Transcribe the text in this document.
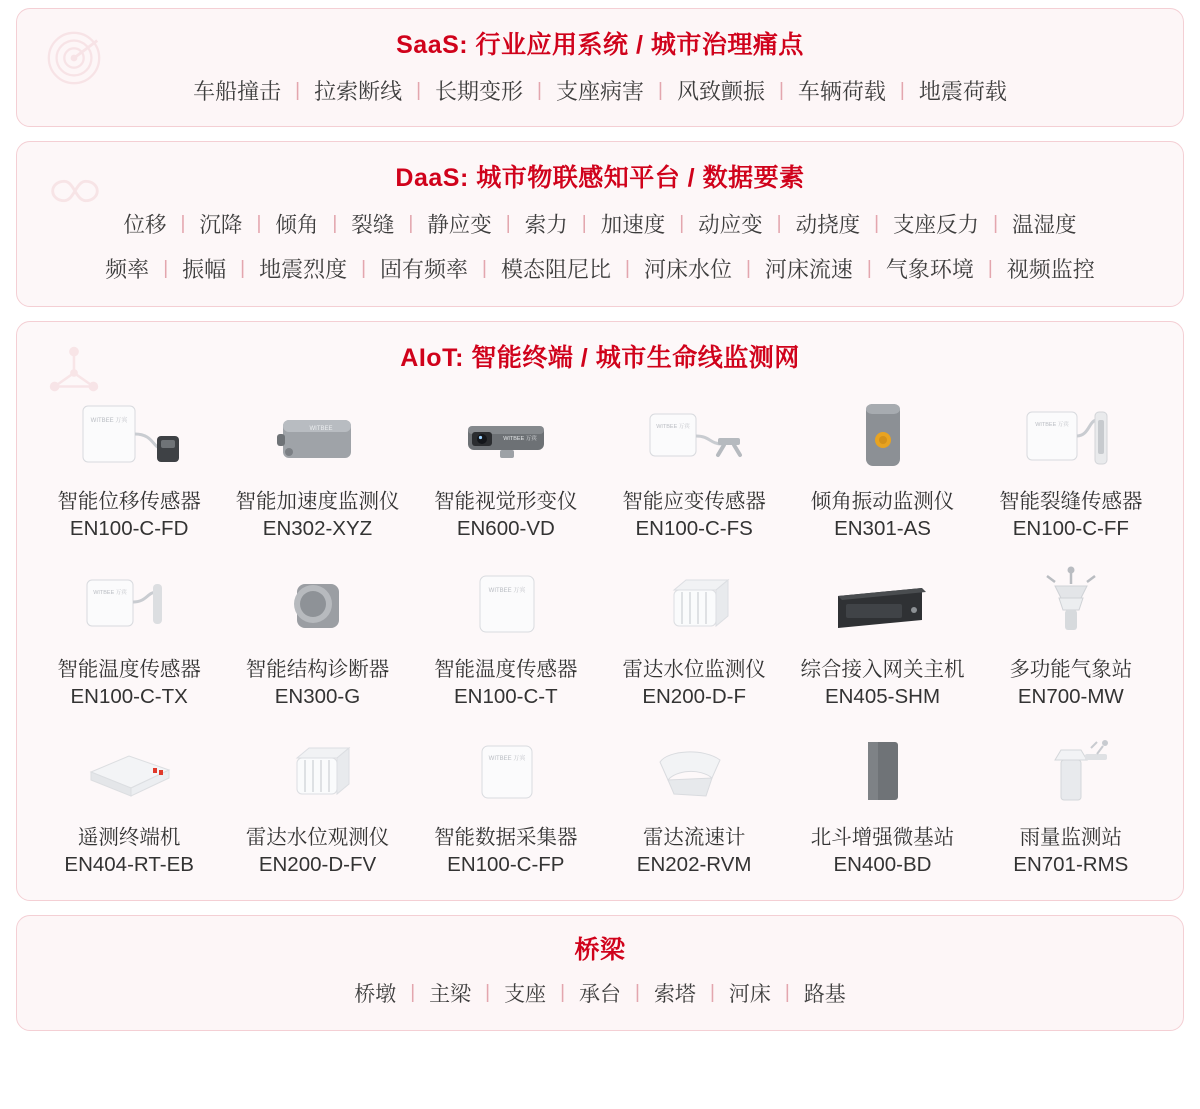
SaaS: 行业应用系统 / 城市治理痛点
车船撞击 | 拉索断线 | 长期变形 | 支座病害 | 风致颤振 | 车辆荷载 | 地震荷载
DaaS: 城市物联感知平台 / 数据要素
位移 | 沉降 | 倾角 | 裂缝 | 静应变 | 索力 | 加速度 | 动应变 | 动挠度 | 支座反力 | 温湿度
频率 | 振幅 | 地震烈度 | 固有频率 | 模态阻尼比 | 河床水位 | 河床流速 | 气象环境 | 视频监控
AIoT: 智能终端 / 城市生命线监测网
WITBEE 万宾
智能位移传感器
EN100-C-FD
WITBEE
智能加速度监测仪
EN302-XYZ
WITBEE 万宾
智能视觉形变仪
EN600-VD
WITBEE 万宾
智能应变传感器
EN100-C-FS
倾角振动监测仪
EN301-AS
WITBEE 万宾
智能裂缝传感器
EN100-C-FF
WITBEE 万宾
智能温度传感器
EN100-C-TX
智能结构诊断器
EN300-G
WITBEE 万宾
智能温度传感器
EN100-C-T
雷达水位监测仪
EN200-D-F
综合接入网关主机
EN405-SHM
多功能气象站
EN700-MW
遥测终端机
EN404-RT-EB
雷达水位观测仪
EN200-D-FV
WITBEE 万宾
智能数据采集器
EN100-C-FP
雷达流速计
EN202-RVM
北斗增强微基站
EN400-BD
雨量监测站
EN701-RMS
桥梁
桥墩 | 主梁 | 支座 | 承台 | 索塔 | 河床 | 路基
